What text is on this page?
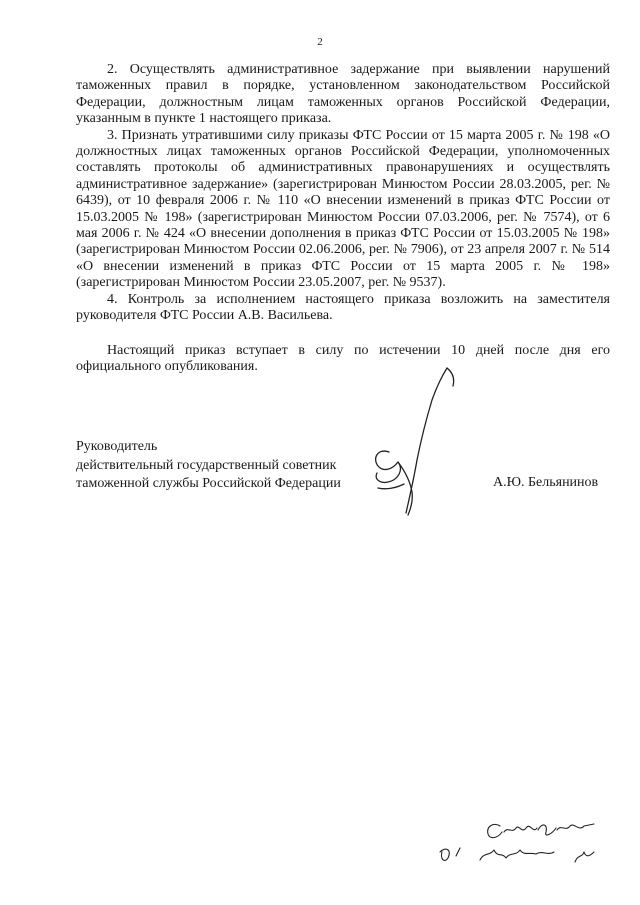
2

2. Осуществлять административное задержание при выявлении нарушений таможенных правил в порядке, установленном законодательством Российской Федерации, должностным лицам таможенных органов Российской Федерации, указанным в пункте 1 настоящего приказа.

3. Признать утратившими силу приказы ФТС России от 15 марта 2005 г. № 198 «О должностных лицах таможенных органов Российской Федерации, уполномоченных составлять протоколы об административных правонарушениях и осуществлять административное задержание» (зарегистрирован Минюстом России 28.03.2005, рег. № 6439), от 10 февраля 2006 г. № 110 «О внесении изменений в приказ ФТС России от 15.03.2005 № 198» (зарегистрирован Минюстом России 07.03.2006, рег. № 7574), от 6 мая 2006 г. № 424 «О внесении дополнения в приказ ФТС России от 15.03.2005 № 198» (зарегистрирован Минюстом России 02.06.2006, рег. № 7906), от 23 апреля 2007 г. № 514 «О внесении изменений в приказ ФТС России от 15 марта 2005 г. № 198» (зарегистрирован Минюстом России 23.05.2007, рег. № 9537).

4. Контроль за исполнением настоящего приказа возложить на заместителя руководителя ФТС России А.В. Васильева.

Настоящий приказ вступает в силу по истечении 10 дней после дня его официального опубликования.

Руководитель
действительный государственный советник
таможенной службы Российской Федерации	А.Ю. Бельянинов
